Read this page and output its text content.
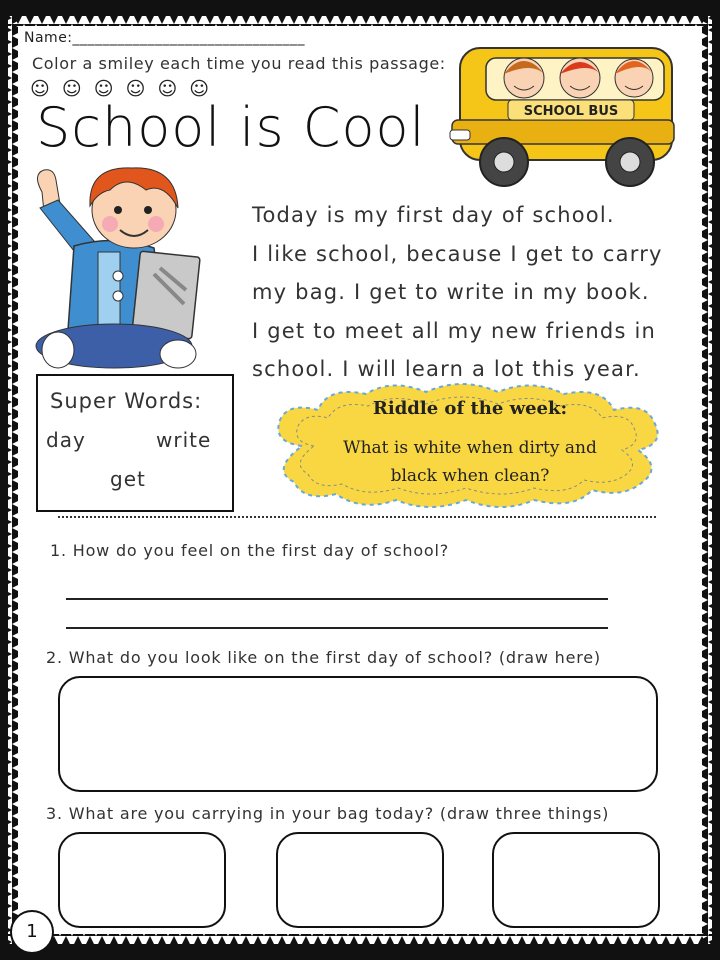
Name:_______________________________
Color a smiley each time you read this passage:
☺ ☺ ☺ ☺ ☺ ☺
School is Cool	SCHOOL BUS
Today is my first day of school.
I like school, because I get to carry
my bag. I get to write in my book.
I get to meet all my new friends in
school. I will learn a lot this year.
Super Words:
day	write
get
Riddle of the week:
What is white when dirty and
black when clean?
1. How do you feel on the first day of school?
2. What do you look like on the first day of school? (draw here)
3. What are you carrying in your bag today? (draw three things)
1
